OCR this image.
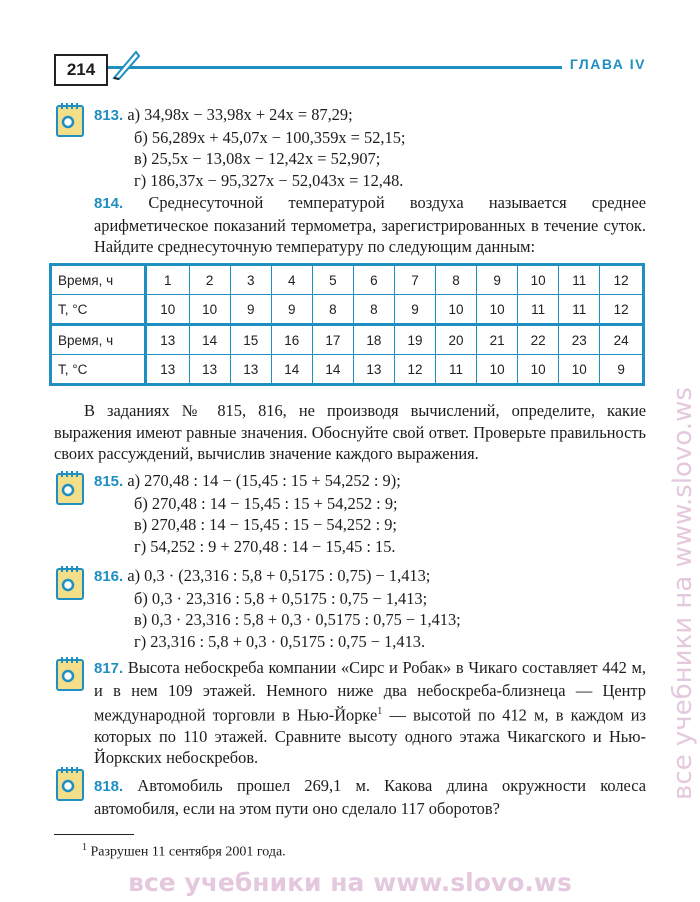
214	ГЛАВА IV
813. а) 34,98x − 33,98x + 24x = 87,29;
б) 56,289x + 45,07x − 100,359x = 52,15;
в) 25,5x − 13,08x − 12,42x = 52,907;
г) 186,37x − 95,327x − 52,043x = 12,48.
814. Среднесуточной температурой воздуха называется среднее арифметическое показаний термометра, зарегистрированных в течение суток. Найдите среднесуточную температуру по следующим данным:
Время, ч	1	2	3	4	5	6	7	8	9	10	11	12
T, °C	10	10	9	9	8	8	9	10	10	11	11	12
Время, ч	13	14	15	16	17	18	19	20	21	22	23	24
T, °C	13	13	13	14	14	13	12	11	10	10	10	9
В заданиях № 815, 816, не производя вычислений, определите, какие выражения имеют равные значения. Обоснуйте свой ответ. Проверьте правильность своих рассуждений, вычислив значение каждого выражения.
815. а) 270,48 : 14 − (15,45 : 15 + 54,252 : 9);
б) 270,48 : 14 − 15,45 : 15 + 54,252 : 9;
в) 270,48 : 14 − 15,45 : 15 − 54,252 : 9;
г) 54,252 : 9 + 270,48 : 14 − 15,45 : 15.
816. а) 0,3 · (23,316 : 5,8 + 0,5175 : 0,75) − 1,413;
б) 0,3 · 23,316 : 5,8 + 0,5175 : 0,75 − 1,413;
в) 0,3 · 23,316 : 5,8 + 0,3 · 0,5175 : 0,75 − 1,413;
г) 23,316 : 5,8 + 0,3 · 0,5175 : 0,75 − 1,413.
817. Высота небоскреба компании «Сирс и Робак» в Чикаго составляет 442 м, и в нем 109 этажей. Немного ниже два небоскреба-близнеца — Центр международной торговли в Нью-Йорке$^1$ — высотой по 412 м, в каждом из которых по 110 этажей. Сравните высоту одного этажа Чикагского и Нью-Йоркских небоскребов.
818. Автомобиль прошел 269,1 м. Какова длина окружности колеса автомобиля, если на этом пути оно сделало 117 оборотов?
$^1$ Разрушен 11 сентября 2001 года.
все учебники на www.slovo.ws
все учебники на www.slovo.ws
